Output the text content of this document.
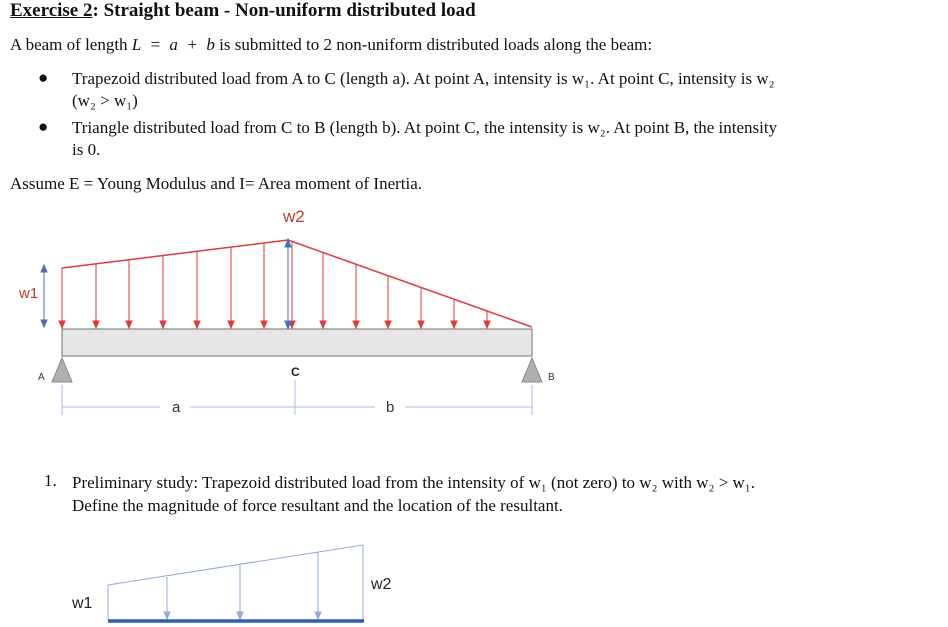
Exercise 2: Straight beam - Non-uniform distributed load
A beam of length L  =  a  +  b is submitted to 2 non-uniform distributed loads along the beam:
● Trapezoid distributed load from A to C (length a). At point A, intensity is w₁. At point C, intensity is w₂
(w₂ > w₁)
● Triangle distributed load from C to B (length b). At point C, the intensity is w₂. At point B, the intensity
is 0.
Assume E = Young Modulus and I= Area moment of Inertia.
w2
w1
A	B
C
a	b
1. Preliminary study: Trapezoid distributed load from the intensity of w₁ (not zero) to w₂ with w₂ > w₁.
Define the magnitude of force resultant and the location of the resultant.
w1
w2
